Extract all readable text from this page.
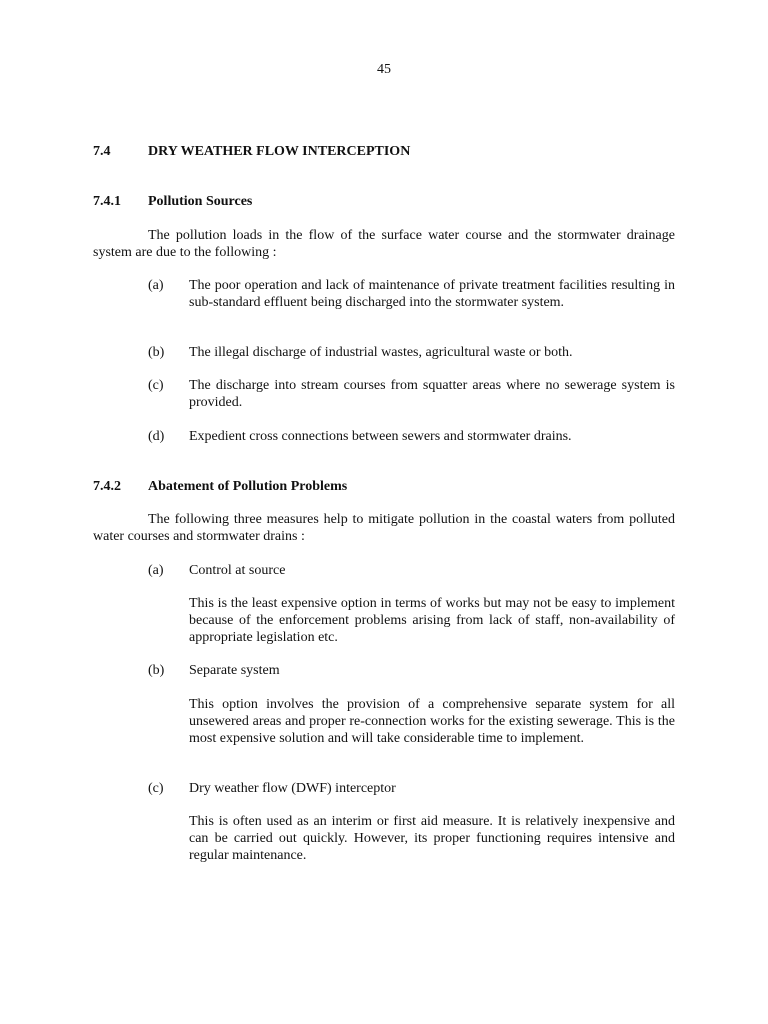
45
7.4	DRY WEATHER FLOW INTERCEPTION
7.4.1 Pollution Sources
The pollution loads in the flow of the surface water course and the stormwater drainage system are due to the following :
(a) The poor operation and lack of maintenance of private treatment facilities resulting in sub-standard effluent being discharged into the stormwater system.
(b) The illegal discharge of industrial wastes, agricultural waste or both.
(c) The discharge into stream courses from squatter areas where no sewerage system is provided.
(d) Expedient cross connections between sewers and stormwater drains.
7.4.2 Abatement of Pollution Problems
The following three measures help to mitigate pollution in the coastal waters from polluted water courses and stormwater drains :
(a) Control at source
This is the least expensive option in terms of works but may not be easy to implement because of the enforcement problems arising from lack of staff, non-availability of appropriate legislation etc.
(b) Separate system
This option involves the provision of a comprehensive separate system for all unsewered areas and proper re-connection works for the existing sewerage. This is the most expensive solution and will take considerable time to implement.
(c) Dry weather flow (DWF) interceptor
This is often used as an interim or first aid measure. It is relatively inexpensive and can be carried out quickly. However, its proper functioning requires intensive and regular maintenance.
